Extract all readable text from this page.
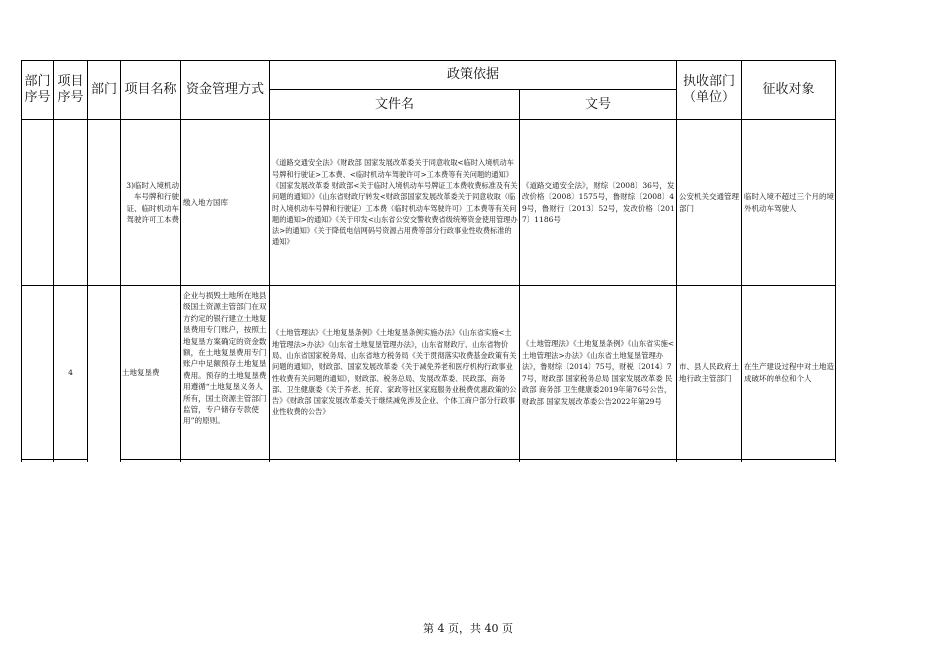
部门序号
项目序号
部门 项目名称 资金管理方式
政策依据
文件名	文号
执收部门（单位）
征收对象
3)临时入境机动车号牌和行驶证、临时机动车驾驶许可工本费
缴入地方国库
《道路交通安全法》《财政部 国家发展改革委关于同意收取<临时入境机动车号牌和行驶证>工本费、<临时机动车驾驶许可>工本费等有关问题的通知》《国家发展改革委 财政部<关于临时入境机动车号牌证工本费收费标准及有关问题的通知》》《山东省财政厅转发<财政部国家发展改革委关于同意收取（临时入境机动车号牌和行驶证）工本费（临时机动车驾驶许可）工本费等有关问题的通知>的通知》《关于印发<山东省公安交警收费省级统筹资金使用管理办法>的通知》《关于降低电信网码号资源占用费等部分行政事业性收费标准的通知》
《道路交通安全法》，财综〔2008〕36号，发改价格〔2008〕1575号，鲁财综〔2008〕49号，鲁财行〔2013〕52号，发改价格〔2017〕1186号
公安机关交通管理部门
临时入境不超过三个月的境外机动车驾驶人
4	土地复垦费
企业与损毁土地所在地县级国土资源主管部门在双方约定的银行建立土地复垦费用专门账户，按照土地复垦方案确定的资金数额，在土地复垦费用专门账户中足额预存土地复垦费用。预存的土地复垦费用遵循“土地复垦义务人所有，国土资源主管部门监管，专户储存专款使用”的原则。
《土地管理法》《土地复垦条例》《土地复垦条例实施办法》《山东省实施<土地管理法>办法》《山东省土地复垦管理办法》，山东省财政厅、山东省物价局、山东省国家税务局、山东省地方税务局《关于贯彻落实收费基金政策有关问题的通知》，财政部、国家发展改革委《关于减免养老和医疗机构行政事业性收费有关问题的通知》，财政部、税务总局、发展改革委、民政部、商务部、卫生健康委《关于养老、托育、家政等社区家庭服务业税费优惠政策的公告》《财政部 国家发展改革委关于继续减免涉及企业、个体工商户部分行政事业性收费的公告》
《土地管理法》《土地复垦条例》《山东省实施<土地管理法>办法》《山东省土地复垦管理办法》，鲁财综〔2014〕75号，财税〔2014〕77号，财政部 国家税务总局 国家发展改革委 民政部 商务部 卫生健康委2019年第76号公告，财政部 国家发展改革委公告2022年第29号
市、县人民政府土地行政主管部门
在生产建设过程中对土地造成破坏的单位和个人
第 4 页，共 40 页
